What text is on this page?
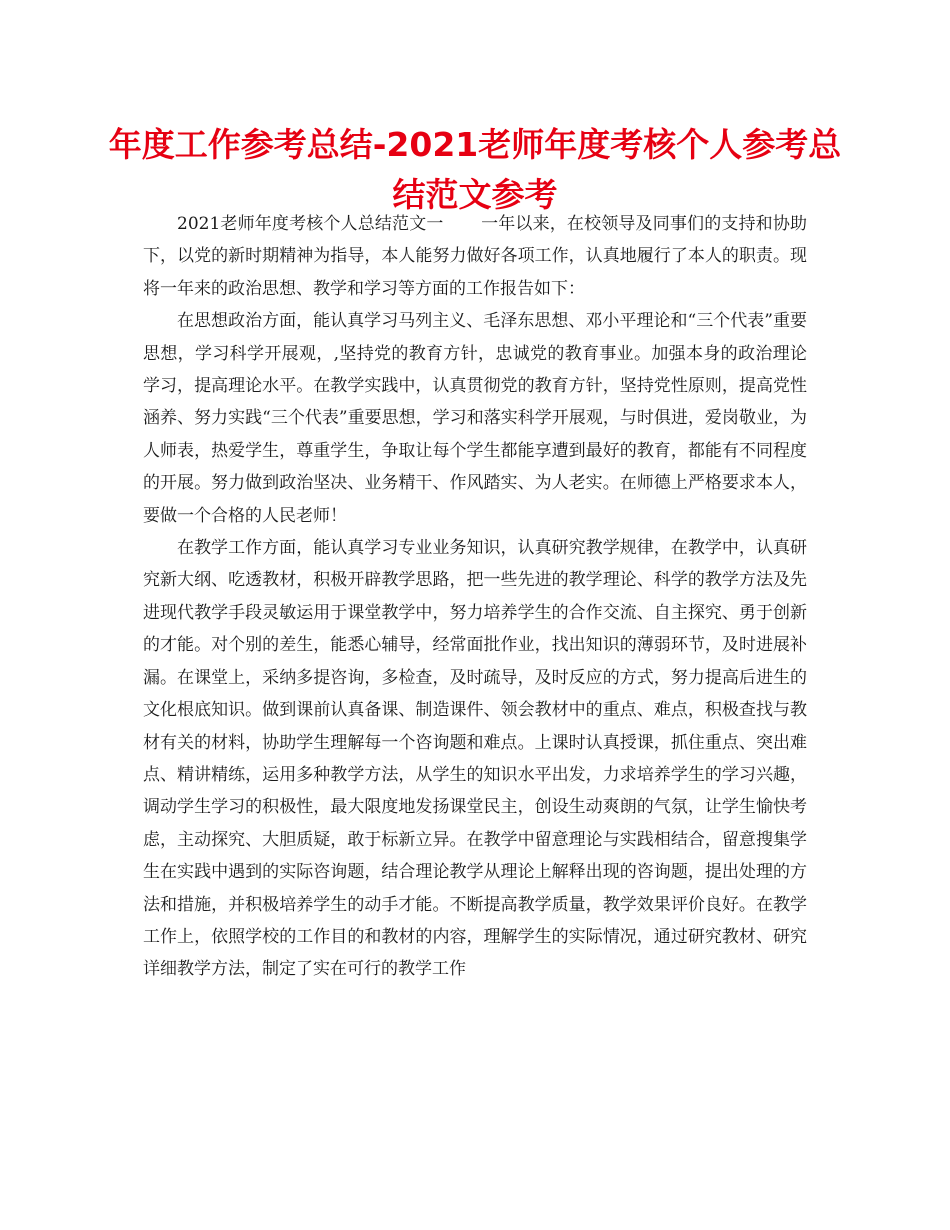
年度工作参考总结-2021老师年度考核个人参考总结范文参考

2021老师年度考核个人总结范文一 一年以来，在校领导及同事们的支持和协助下，以党的新时期精神为指导，本人能努力做好各项工作，认真地履行了本人的职责。现将一年来的政治思想、教学和学习等方面的工作报告如下：

在思想政治方面，能认真学习马列主义、毛泽东思想、邓小平理论和“三个代表”重要思想，学习科学开展观，,坚持党的教育方针，忠诚党的教育事业。加强本身的政治理论学习，提高理论水平。在教学实践中，认真贯彻党的教育方针，坚持党性原则，提高党性涵养、努力实践“三个代表”重要思想，学习和落实科学开展观，与时俱进，爱岗敬业，为人师表，热爱学生，尊重学生，争取让每个学生都能享遭到最好的教育，都能有不同程度的开展。努力做到政治坚决、业务精干、作风踏实、为人老实。在师德上严格要求本人，要做一个合格的人民老师！

在教学工作方面，能认真学习专业业务知识，认真研究教学规律，在教学中，认真研究新大纲、吃透教材，积极开辟教学思路，把一些先进的教学理论、科学的教学方法及先进现代教学手段灵敏运用于课堂教学中，努力培养学生的合作交流、自主探究、勇于创新的才能。对个别的差生，能悉心辅导，经常面批作业，找出知识的薄弱环节，及时进展补漏。在课堂上，采纳多提咨询，多检查，及时疏导，及时反应的方式，努力提高后进生的文化根底知识。做到课前认真备课、制造课件、领会教材中的重点、难点，积极查找与教材有关的材料，协助学生理解每一个咨询题和难点。上课时认真授课，抓住重点、突出难点、精讲精练，运用多种教学方法，从学生的知识水平出发，力求培养学生的学习兴趣，调动学生学习的积极性，最大限度地发扬课堂民主，创设生动爽朗的气氛，让学生愉快考虑，主动探究、大胆质疑，敢于标新立异。在教学中留意理论与实践相结合，留意搜集学生在实践中遇到的实际咨询题，结合理论教学从理论上解释出现的咨询题，提出处理的方法和措施，并积极培养学生的动手才能。不断提高教学质量，教学效果评价良好。在教学工作上，依照学校的工作目的和教材的内容，理解学生的实际情况，通过研究教材、研究详细教学方法，制定了实在可行的教学工作
